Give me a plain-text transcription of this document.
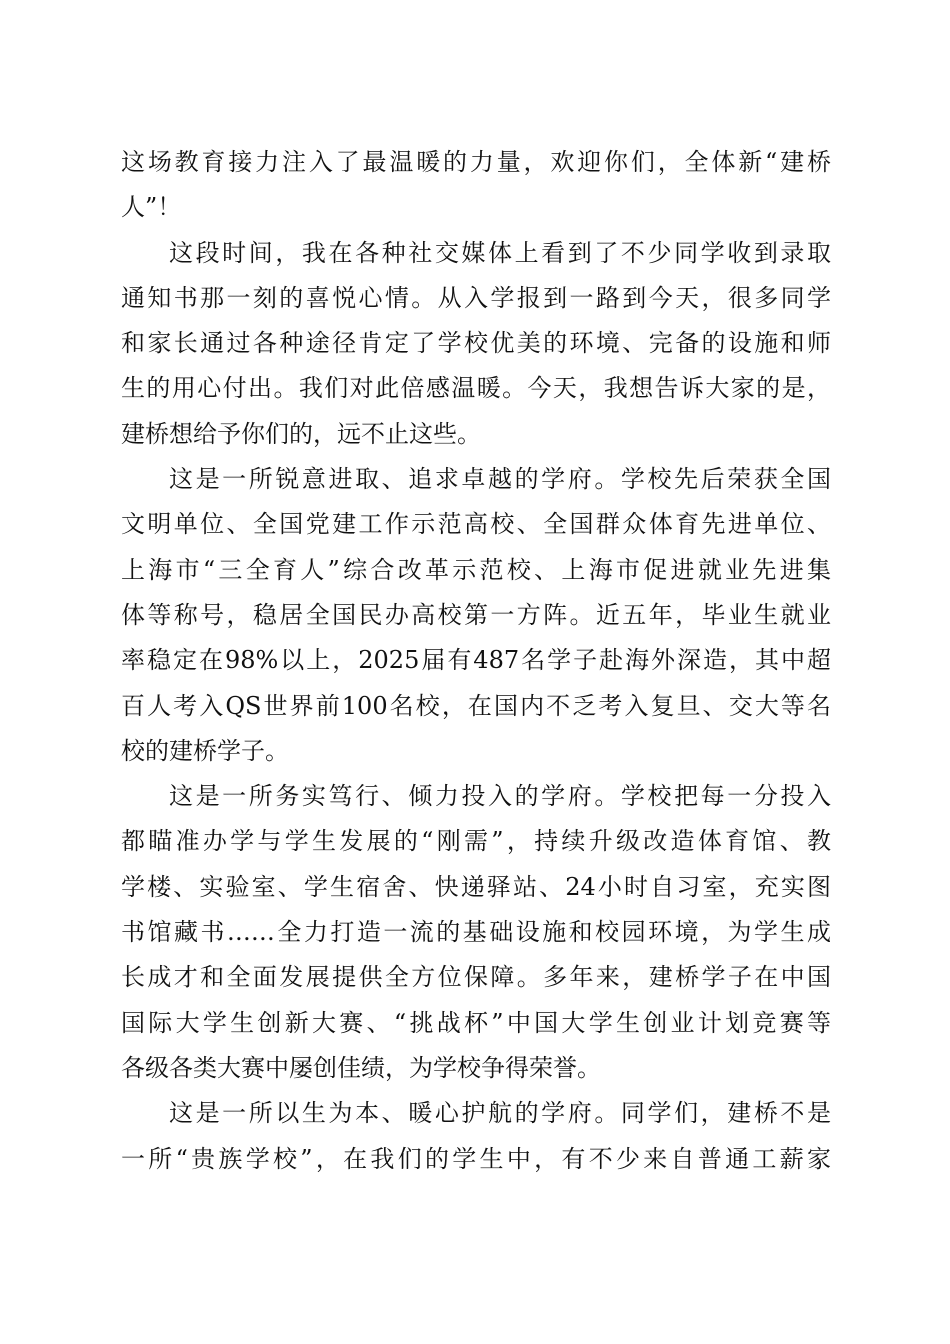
这场教育接力注入了最温暖的力量，欢迎你们，全体新“建桥
人”！
这段时间，我在各种社交媒体上看到了不少同学收到录取
通知书那一刻的喜悦心情。从入学报到一路到今天，很多同学
和家长通过各种途径肯定了学校优美的环境、完备的设施和师
生的用心付出。我们对此倍感温暖。今天，我想告诉大家的是，
建桥想给予你们的，远不止这些。
这是一所锐意进取、追求卓越的学府。学校先后荣获全国
文明单位、全国党建工作示范高校、全国群众体育先进单位、
上海市“三全育人”综合改革示范校、上海市促进就业先进集
体等称号，稳居全国民办高校第一方阵。近五年，毕业生就业
率稳定在98%以上，2025届有487名学子赴海外深造，其中超
百人考入QS世界前100名校，在国内不乏考入复旦、交大等名
校的建桥学子。
这是一所务实笃行、倾力投入的学府。学校把每一分投入
都瞄准办学与学生发展的“刚需”，持续升级改造体育馆、教
学楼、实验室、学生宿舍、快递驿站、24小时自习室，充实图
书馆藏书……全力打造一流的基础设施和校园环境，为学生成
长成才和全面发展提供全方位保障。多年来，建桥学子在中国
国际大学生创新大赛、“挑战杯”中国大学生创业计划竞赛等
各级各类大赛中屡创佳绩，为学校争得荣誉。
这是一所以生为本、暖心护航的学府。同学们，建桥不是
一所“贵族学校”，在我们的学生中，有不少来自普通工薪家
